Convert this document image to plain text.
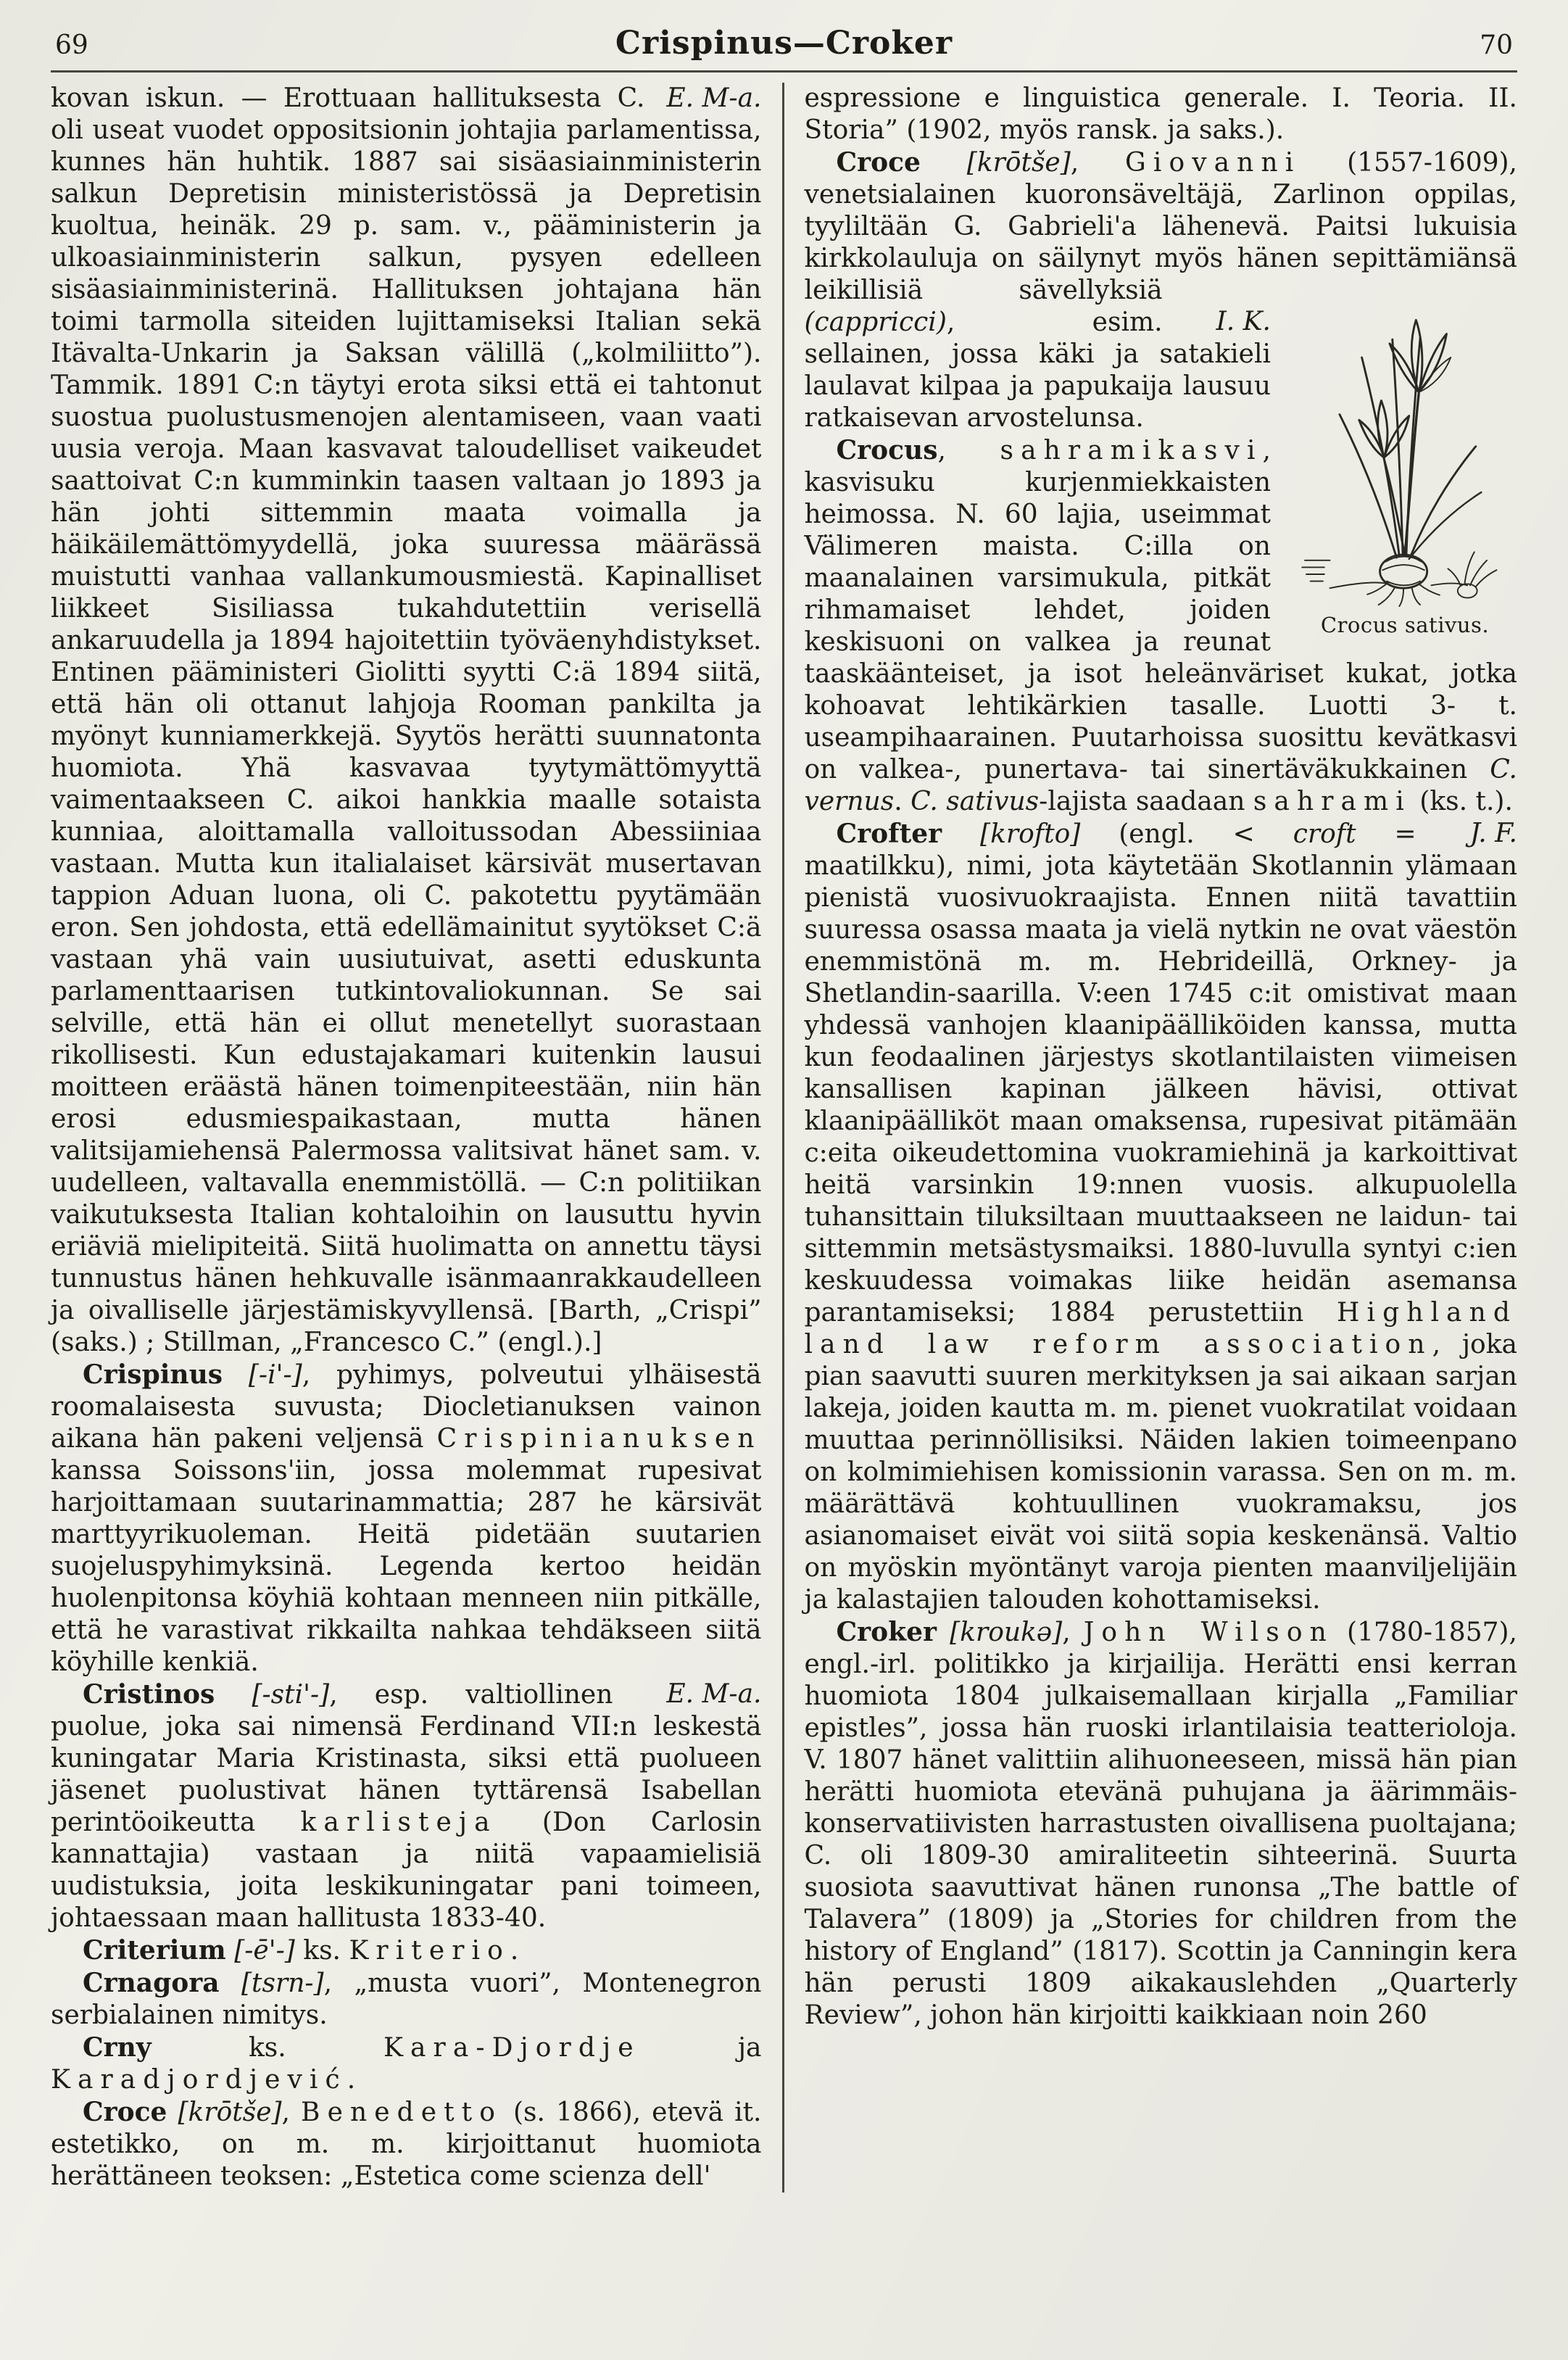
69	Crispinus—Croker	70

E. M-a.
kovan iskun. — Erottuaan hallituksesta C. oli useat vuodet oppositsionin johtajia parlamentissa, kunnes hän huhtik. 1887 sai sisäasiainministerin salkun Depretisin ministeristössä ja Depretisin kuoltua, heinäk. 29 p. sam. v., pääministerin ja ulkoasiainministerin salkun, pysyen edelleen sisäasiainministerinä. Hallituksen johtajana hän toimi tarmolla siteiden lujittamiseksi Italian sekä Itävalta-Unkarin ja Saksan välillä („kolmiliitto”). Tammik. 1891 C:n täytyi erota siksi että ei tahtonut suostua puolustusmenojen alentamiseen, vaan vaati uusia veroja. Maan kasvavat taloudelliset vaikeudet saattoivat C:n kumminkin taasen valtaan jo 1893 ja hän johti sittemmin maata voimalla ja häikäilemättömyydellä, joka suuressa määrässä muistutti vanhaa vallankumousmiestä. Kapinalliset liikkeet Sisiliassa tukahdutettiin verisellä ankaruudella ja 1894 hajoitettiin työväenyhdistykset. Entinen pääministeri Giolitti syytti C:ä 1894 siitä, että hän oli ottanut lahjoja Rooman pankilta ja myönyt kunniamerkkejä. Syytös herätti suunnatonta huomiota. Yhä kasvavaa tyytymättömyyttä vaimentaakseen C. aikoi hankkia maalle sotaista kunniaa, aloittamalla valloitussodan Abessiiniaa vastaan. Mutta kun italialaiset kärsivät musertavan tappion Aduan luona, oli C. pakotettu pyytämään eron. Sen johdosta, että edellämainitut syytökset C:ä vastaan yhä vain uusiutuivat, asetti eduskunta parlamenttaarisen tutkintovaliokunnan. Se sai selville, että hän ei ollut menetellyt suorastaan rikollisesti. Kun edustajakamari kuitenkin lausui moitteen eräästä hänen toimenpiteestään, niin hän erosi edusmiespaikastaan, mutta hänen valitsijamiehensä Palermossa valitsivat hänet sam. v. uudelleen, valtavalla enemmistöllä. — C:n politiikan vaikutuksesta Italian kohtaloihin on lausuttu hyvin eriäviä mielipiteitä. Siitä huolimatta on annettu täysi tunnustus hänen hehkuvalle isänmaanrakkaudelleen ja oivalliselle järjestämiskyvyllensä. [Barth, „Crispi” (saks.) ; Stillman, „Francesco C.” (engl.).]

Crispinus [-i'-], pyhimys, polveutui ylhäisestä roomalaisesta suvusta; Diocletianuksen vainon aikana hän pakeni veljensä Crispinianuksen kanssa Soissons'iin, jossa molemmat rupesivat harjoittamaan suutarinammattia; 287 he kärsivät marttyyrikuoleman. Heitä pidetään suutarien suojeluspyhimyksinä. Legenda kertoo heidän huolenpitonsa köyhiä kohtaan menneen niin pitkälle, että he varastivat rikkailta nahkaa tehdäkseen siitä köyhille kenkiä.

E. M-a.
Cristinos [-sti'-], esp. valtiollinen puolue, joka sai nimensä Ferdinand VII:n leskestä kuningatar Maria Kristinasta, siksi että puolueen jäsenet puolustivat hänen tyttärensä Isabellan perintöoikeutta karlisteja (Don Carlosin kannattajia) vastaan ja niitä vapaamielisiä uudistuksia, joita leskikuningatar pani toimeen, johtaessaan maan hallitusta 1833-40.

Criterium [-ē'-] ks. Kriterio.

Crnagora [tsrn-], „musta vuori”, Montenegron serbialainen nimitys.

Crny ks. Kara-Djordje ja Karadjordjević.

Croce [krōtše], Benedetto (s. 1866), etevä it. estetikko, on m. m. kirjoittanut huomiota herättäneen teoksen: „Estetica come scienza dell'

espressione e linguistica generale. I. Teoria. II. Storia” (1902, myös ransk. ja saks.).

Crocus sativus.

I. K.
Croce [krōtše], Giovanni (1557-1609), venetsialainen kuoronsäveltäjä, Zarlinon oppilas, tyyliltään G. Gabrieli'a lähenevä. Paitsi lukuisia kirkkolauluja on säilynyt myös hänen sepittämiänsä leikillisiä sävellyksiä (cappricci), esim. sellainen, jossa käki ja satakieli laulavat kilpaa ja papukaija lausuu ratkaisevan arvostelunsa.

Crocus, sahramikasvi, kasvisuku kurjenmiekkaisten heimossa. N. 60 lajia, useimmat Välimeren maista. C:illa on maanalainen varsimukula, pitkät rihmamaiset lehdet, joiden keskisuoni on valkea ja reunat taaskäänteiset, ja isot heleänväriset kukat, jotka kohoavat lehtikärkien tasalle. Luotti 3- t. useampihaarainen. Puutarhoissa suosittu kevätkasvi on valkea-, punertava- tai sinertäväkukkainen C. vernus. C. sativus-lajista saadaan sahrami (ks. t.).

J. F.
Crofter [krofto] (engl. < croft = maatilkku), nimi, jota käytetään Skotlannin ylämaan pienistä vuosivuokraajista. Ennen niitä tavattiin suuressa osassa maata ja vielä nytkin ne ovat väestön enemmistönä m. m. Hebrideillä, Orkney- ja Shetlandin-saarilla. V:een 1745 c:it omistivat maan yhdessä vanhojen klaanipäälliköiden kanssa, mutta kun feodaalinen järjestys skotlantilaisten viimeisen kansallisen kapinan jälkeen hävisi, ottivat klaanipäälliköt maan omaksensa, rupesivat pitämään c:eita oikeudettomina vuokramiehinä ja karkoittivat heitä varsinkin 19:nnen vuosis. alkupuolella tuhansittain tiluksiltaan muuttaakseen ne laidun- tai sittemmin metsästysmaiksi. 1880-luvulla syntyi c:ien keskuudessa voimakas liike heidän asemansa parantamiseksi; 1884 perustettiin Highland land law reform association, joka pian saavutti suuren merkityksen ja sai aikaan sarjan lakeja, joiden kautta m. m. pienet vuokratilat voidaan muuttaa perinnöllisiksi. Näiden lakien toimeenpano on kolmimiehisen komissionin varassa. Sen on m. m. määrättävä kohtuullinen vuokramaksu, jos asianomaiset eivät voi siitä sopia keskenänsä. Valtio on myöskin myöntänyt varoja pienten maanviljelijäin ja kalastajien talouden kohottamiseksi.

Croker [kroukə], John Wilson (1780-1857), engl.-irl. politikko ja kirjailija. Herätti ensi kerran huomiota 1804 julkaisemallaan kirjalla „Familiar epistles”, jossa hän ruoski irlantilaisia teatterioloja. V. 1807 hänet valittiin alihuoneeseen, missä hän pian herätti huomiota etevänä puhujana ja äärimmäis-konservatiivisten harrastusten oivallisena puoltajana; C. oli 1809-30 amiraliteetin sihteerinä. Suurta suosiota saavuttivat hänen runonsa „The battle of Talavera” (1809) ja „Stories for children from the history of England” (1817). Scottin ja Canningin kera hän perusti 1809 aikakauslehden „Quarterly Review”, johon hän kirjoitti kaikkiaan noin 260
